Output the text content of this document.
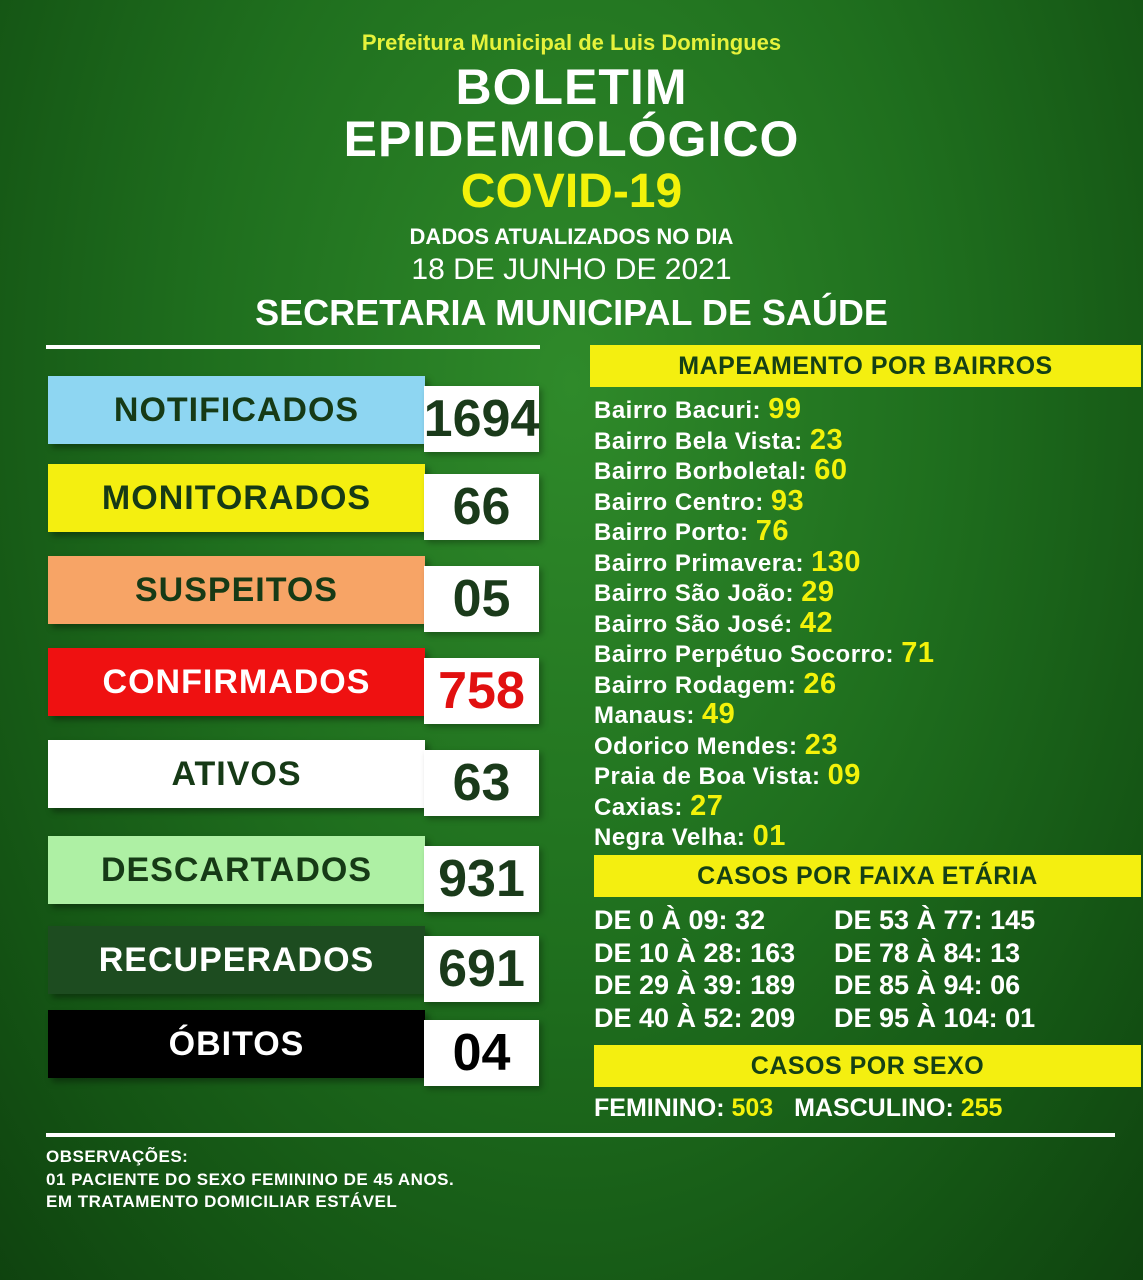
Prefeitura Municipal de Luis Domingues
BOLETIM
EPIDEMIOLÓGICO
COVID-19
DADOS ATUALIZADOS NO DIA
18 DE JUNHO DE 2021
SECRETARIA MUNICIPAL DE SAÚDE
NOTIFICADOS	1694
MONITORADOS	66
SUSPEITOS	05
CONFIRMADOS	758
ATIVOS	63
DESCARTADOS	931
RECUPERADOS	691
ÓBITOS	04
MAPEAMENTO POR BAIRROS
Bairro Bacuri: 99
Bairro Bela Vista: 23
Bairro Borboletal: 60
Bairro Centro: 93
Bairro Porto: 76
Bairro Primavera: 130
Bairro São João: 29
Bairro São José: 42
Bairro Perpétuo Socorro: 71
Bairro Rodagem: 26
Manaus: 49
Odorico Mendes: 23
Praia de Boa Vista: 09
Caxias: 27
Negra Velha: 01
CASOS POR FAIXA ETÁRIA
DE 0 À 09: 32	DE 53 À 77: 145
DE 10 À 28: 163 DE 78 À 84: 13
DE 29 À 39: 189 DE 85 À 94: 06
DE 40 À 52: 209 DE 95 À 104: 01
CASOS POR SEXO
FEMININO: 503 MASCULINO: 255
OBSERVAÇÕES:
01 PACIENTE DO SEXO FEMININO DE 45 ANOS.
EM TRATAMENTO DOMICILIAR ESTÁVEL
